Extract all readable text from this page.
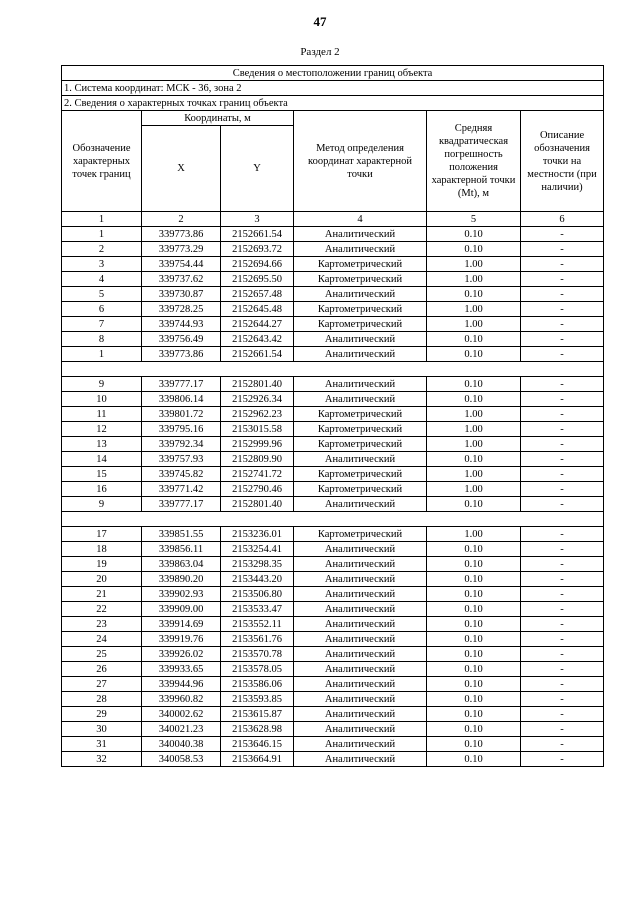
47
Раздел 2
Сведения о местоположении границ объекта					
1. Система координат: МСК - 36, зона 2					
2. Сведения о характерных точках границ объекта					
Обозначение характерных точек границ	Координаты, м		Метод определения координат характерной точки	Средняя квадратическая погрешность положения характерной точки (Mt), м	Описание обозначения точки на местности (при наличии)
	X	Y			
1	2	3	4	5	6
1	339773.86	2152661.54	Аналитический	0.10	-
2	339773.29	2152693.72	Аналитический	0.10	-
3	339754.44	2152694.66	Картометрический	1.00	-
4	339737.62	2152695.50	Картометрический	1.00	-
5	339730.87	2152657.48	Аналитический	0.10	-
6	339728.25	2152645.48	Картометрический	1.00	-
7	339744.93	2152644.27	Картометрический	1.00	-
8	339756.49	2152643.42	Аналитический	0.10	-
1	339773.86	2152661.54	Аналитический	0.10	-

9	339777.17	2152801.40	Аналитический	0.10	-
10	339806.14	2152926.34	Аналитический	0.10	-
11	339801.72	2152962.23	Картометрический	1.00	-
12	339795.16	2153015.58	Картометрический	1.00	-
13	339792.34	2152999.96	Картометрический	1.00	-
14	339757.93	2152809.90	Аналитический	0.10	-
15	339745.82	2152741.72	Картометрический	1.00	-
16	339771.42	2152790.46	Картометрический	1.00	-
9	339777.17	2152801.40	Аналитический	0.10	-

17	339851.55	2153236.01	Картометрический	1.00	-
18	339856.11	2153254.41	Аналитический	0.10	-
19	339863.04	2153298.35	Аналитический	0.10	-
20	339890.20	2153443.20	Аналитический	0.10	-
21	339902.93	2153506.80	Аналитический	0.10	-
22	339909.00	2153533.47	Аналитический	0.10	-
23	339914.69	2153552.11	Аналитический	0.10	-
24	339919.76	2153561.76	Аналитический	0.10	-
25	339926.02	2153570.78	Аналитический	0.10	-
26	339933.65	2153578.05	Аналитический	0.10	-
27	339944.96	2153586.06	Аналитический	0.10	-
28	339960.82	2153593.85	Аналитический	0.10	-
29	340002.62	2153615.87	Аналитический	0.10	-
30	340021.23	2153628.98	Аналитический	0.10	-
31	340040.38	2153646.15	Аналитический	0.10	-
32	340058.53	2153664.91	Аналитический	0.10	-
